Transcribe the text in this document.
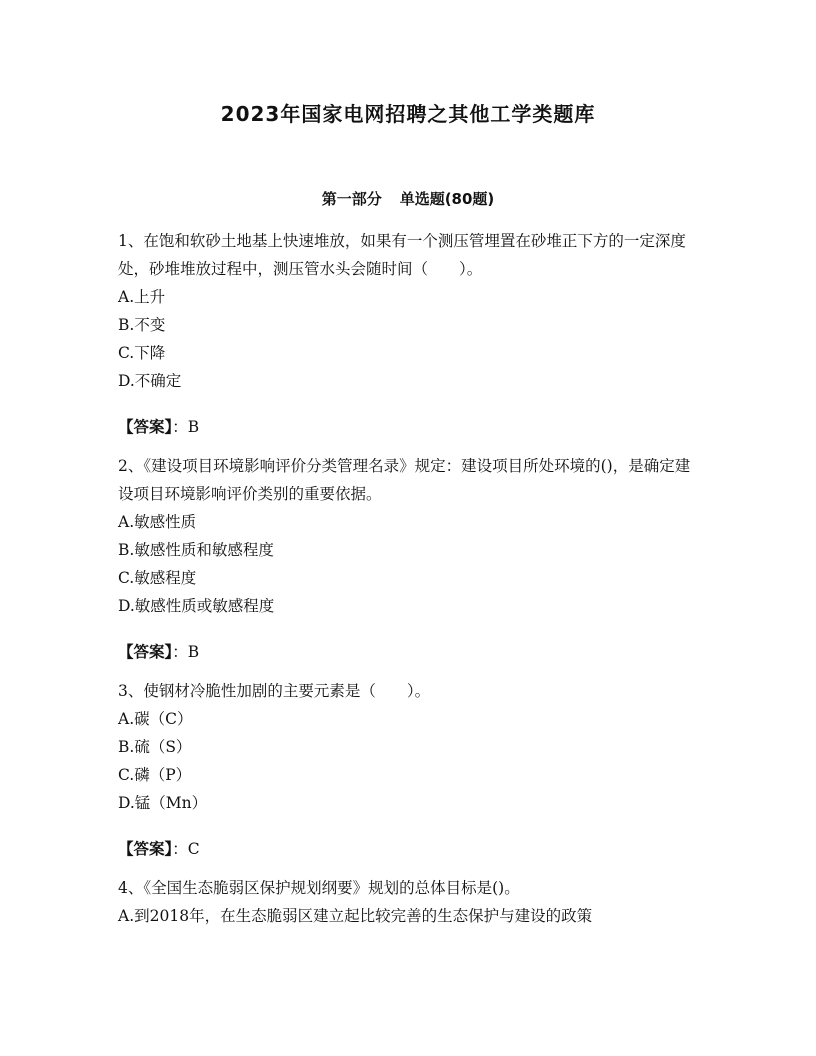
2023年国家电网招聘之其他工学类题库
第一部分 单选题(80题)

1、在饱和软砂土地基上快速堆放，如果有一个测压管埋置在砂堆正下方的一定深度处，砂堆堆放过程中，测压管水头会随时间（　　）。

A.上升

B.不变

C.下降

D.不确定

【答案】：B

2、《建设项目环境影响评价分类管理名录》规定：建设项目所处环境的()，是确定建设项目环境影响评价类别的重要依据。

A.敏感性质

B.敏感性质和敏感程度

C.敏感程度

D.敏感性质或敏感程度

【答案】：B

3、使钢材冷脆性加剧的主要元素是（　　）。

A.碳（C）

B.硫（S）

C.磷（P）

D.锰（Mn）

【答案】：C

4、《全国生态脆弱区保护规划纲要》规划的总体目标是()。

A.到2018年，在生态脆弱区建立起比较完善的生态保护与建设的政策
